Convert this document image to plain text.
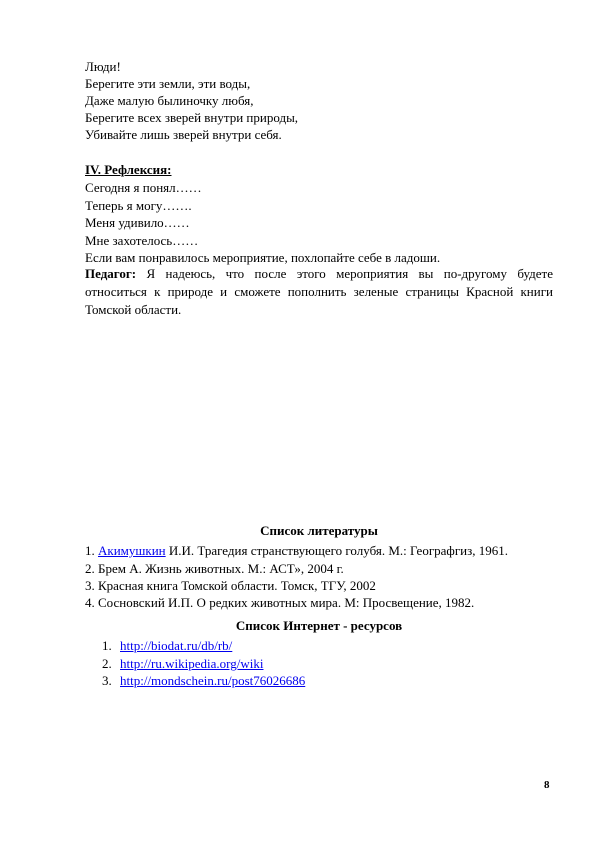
Люди!
Берегите эти земли, эти воды,
Даже малую былиночку любя,
Берегите всех зверей внутри природы,
Убивайте лишь зверей внутри себя.
IV. Рефлексия:
Сегодня я понял……
Теперь я могу…….
Меня удивило……
Мне захотелось……
Если вам понравилось мероприятие, похлопайте себе в ладоши.
Педагог: Я надеюсь, что после этого мероприятия вы по-другому будете относиться к природе и сможете пополнить зеленые страницы Красной книги Томской области.
Список литературы
1. Акимушкин И.И. Трагедия странствующего голубя. М.: Географгиз, 1961.
2. Брем А. Жизнь животных. М.: АСТ», 2004 г.
3. Красная книга Томской области. Томск, ТГУ, 2002
4. Сосновский И.П. О редких животных мира. М: Просвещение, 1982.
Список Интернет - ресурсов
1. http://biodat.ru/db/rb/
2. http://ru.wikipedia.org/wiki
3. http://mondschein.ru/post76026686
8
